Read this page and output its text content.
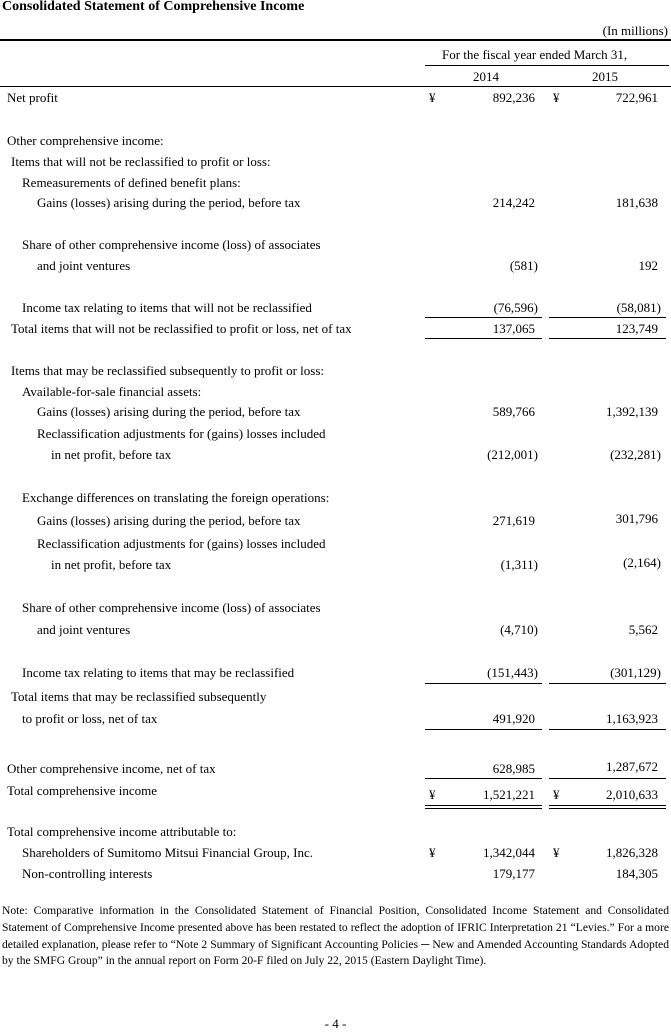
Consolidated Statement of Comprehensive Income
(In millions)
For the fiscal year ended March 31,
2014	2015
Net profit	¥	892,236 ¥	722,961
Other comprehensive income:
Items that will not be reclassified to profit or loss:
Remeasurements of defined benefit plans:
Gains (losses) arising during the period, before tax	214,242	181,638
Share of other comprehensive income (loss) of associates
and joint ventures	(581)	192
Income tax relating to items that will not be reclassified	(76,596)	(58,081)
Total items that will not be reclassified to profit or loss, net of tax	137,065	123,749
Items that may be reclassified subsequently to profit or loss:
Available-for-sale financial assets:
Gains (losses) arising during the period, before tax	589,766	1,392,139
Reclassification adjustments for (gains) losses included
in net profit, before tax	(212,001)	(232,281)
Exchange differences on translating the foreign operations:
Gains (losses) arising during the period, before tax	271,619	301,796
Reclassification adjustments for (gains) losses included
in net profit, before tax	(1,311)	(2,164)
Share of other comprehensive income (loss) of associates
and joint ventures	(4,710)	5,562
Income tax relating to items that may be reclassified	(151,443)	(301,129)
Total items that may be reclassified subsequently
to profit or loss, net of tax	491,920	1,163,923
Other comprehensive income, net of tax	628,985	1,287,672
Total comprehensive income	¥	1,521,221 ¥	2,010,633
Total comprehensive income attributable to:
Shareholders of Sumitomo Mitsui Financial Group, Inc.	¥	1,342,044 ¥	1,826,328
Non-controlling interests	179,177	184,305
Note: Comparative information in the Consolidated Statement of Financial Position, Consolidated Income Statement and Consolidated Statement of Comprehensive Income presented above has been restated to reflect the adoption of IFRIC Interpretation 21 “Levies.” For a more detailed explanation, please refer to “Note 2 Summary of Significant Accounting Policies ─ New and Amended Accounting Standards Adopted by the SMFG Group” in the annual report on Form 20-F filed on July 22, 2015 (Eastern Daylight Time).
- 4 -
